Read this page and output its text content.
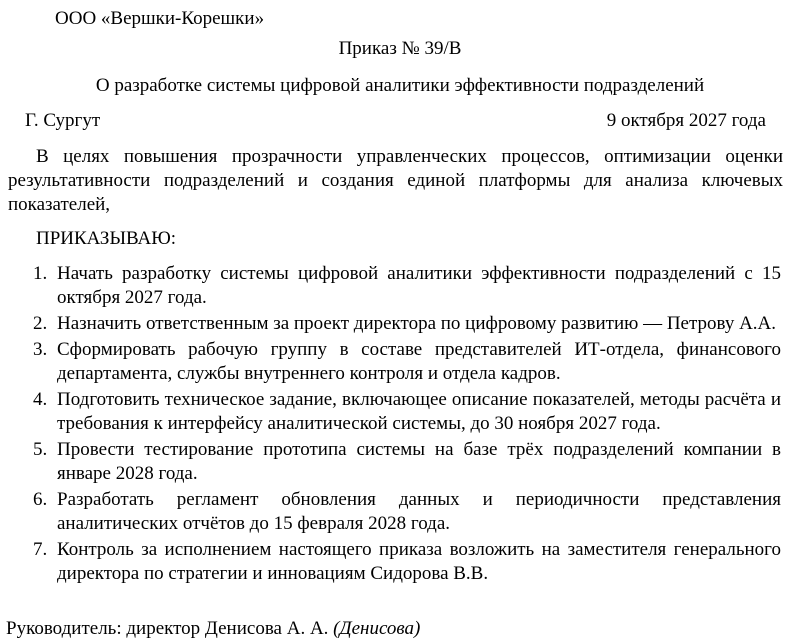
ООО «Вершки-Корешки»
Приказ № 39/В
О разработке системы цифровой аналитики эффективности подразделений
Г. Сургут	9 октября 2027 года
В целях повышения прозрачности управленческих процессов, оптимизации оценки результативности подразделений и создания единой платформы для анализа ключевых показателей,
ПРИКАЗЫВАЮ:
1. Начать разработку системы цифровой аналитики эффективности подразделений с 15 октября 2027 года.
2. Назначить ответственным за проект директора по цифровому развитию — Петрову А.А.
3. Сформировать рабочую группу в составе представителей ИТ-отдела, финансового департамента, службы внутреннего контроля и отдела кадров.
4. Подготовить техническое задание, включающее описание показателей, методы расчёта и требования к интерфейсу аналитической системы, до 30 ноября 2027 года.
5. Провести тестирование прототипа системы на базе трёх подразделений компании в январе 2028 года.
6. Разработать регламент обновления данных и периодичности представления аналитических отчётов до 15 февраля 2028 года.
7. Контроль за исполнением настоящего приказа возложить на заместителя генерального директора по стратегии и инновациям Сидорова В.В.
Руководитель: директор Денисова А. А. (Денисова)
